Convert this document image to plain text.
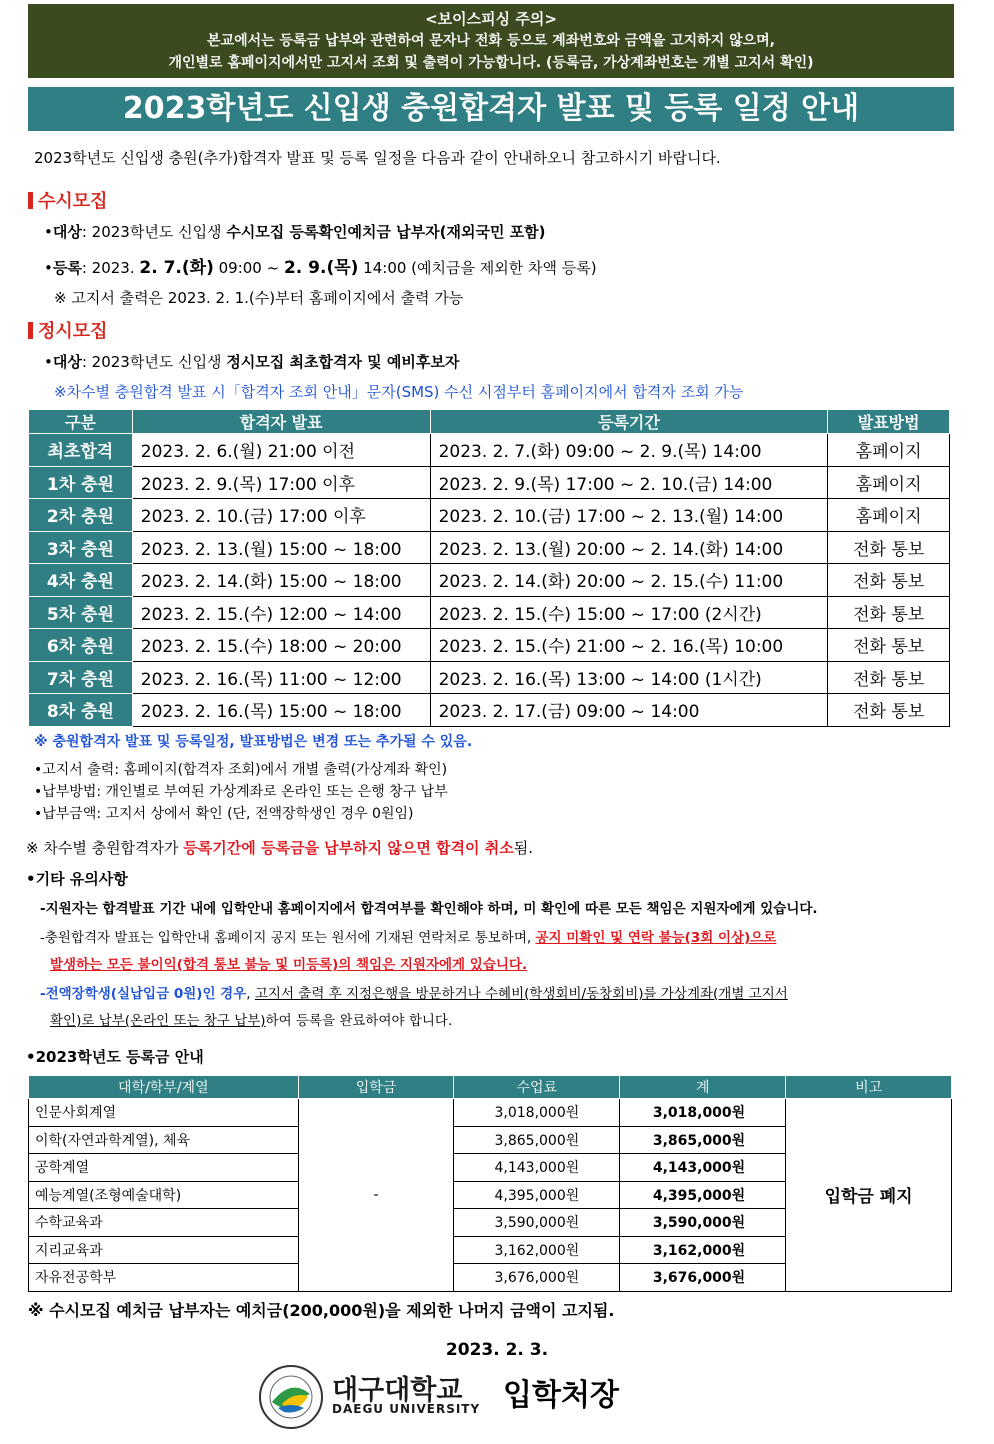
<보이스피싱 주의>
본교에서는 등록금 납부와 관련하여 문자나 전화 등으로 계좌번호와 금액을 고지하지 않으며,
개인별로 홈페이지에서만 고지서 조회 및 출력이 가능합니다. (등록금, 가상계좌번호는 개별 고지서 확인)
2023학년도 신입생 충원합격자 발표 및 등록 일정 안내
2023학년도 신입생 충원(추가)합격자 발표 및 등록 일정을 다음과 같이 안내하오니 참고하시기 바랍니다.
수시모집
•대상: 2023학년도 신입생 수시모집 등록확인예치금 납부자(재외국민 포함)
•등록: 2023. 2. 7.(화) 09:00 ~ 2. 9.(목) 14:00 (예치금을 제외한 차액 등록)
※ 고지서 출력은 2023. 2. 1.(수)부터 홈페이지에서 출력 가능
정시모집
•대상: 2023학년도 신입생 정시모집 최초합격자 및 예비후보자
※차수별 충원합격 발표 시「합격자 조회 안내」문자(SMS) 수신 시점부터 홈페이지에서 합격자 조회 가능
구분	합격자 발표	등록기간	발표방법
최초합격	2023. 2. 6.(월) 21:00 이전	2023. 2. 7.(화) 09:00 ~ 2. 9.(목) 14:00	홈페이지
1차 충원	2023. 2. 9.(목) 17:00 이후	2023. 2. 9.(목) 17:00 ~ 2. 10.(금) 14:00	홈페이지
2차 충원	2023. 2. 10.(금) 17:00 이후	2023. 2. 10.(금) 17:00 ~ 2. 13.(월) 14:00	홈페이지
3차 충원	2023. 2. 13.(월) 15:00 ~ 18:00	2023. 2. 13.(월) 20:00 ~ 2. 14.(화) 14:00	전화 통보
4차 충원	2023. 2. 14.(화) 15:00 ~ 18:00	2023. 2. 14.(화) 20:00 ~ 2. 15.(수) 11:00	전화 통보
5차 충원	2023. 2. 15.(수) 12:00 ~ 14:00	2023. 2. 15.(수) 15:00 ~ 17:00 (2시간)	전화 통보
6차 충원	2023. 2. 15.(수) 18:00 ~ 20:00	2023. 2. 15.(수) 21:00 ~ 2. 16.(목) 10:00	전화 통보
7차 충원	2023. 2. 16.(목) 11:00 ~ 12:00	2023. 2. 16.(목) 13:00 ~ 14:00 (1시간)	전화 통보
8차 충원	2023. 2. 16.(목) 15:00 ~ 18:00	2023. 2. 17.(금) 09:00 ~ 14:00	전화 통보
※ 충원합격자 발표 및 등록일정, 발표방법은 변경 또는 추가될 수 있음.
•고지서 출력: 홈페이지(합격자 조회)에서 개별 출력(가상계좌 확인)
•납부방법: 개인별로 부여된 가상계좌로 온라인 또는 은행 창구 납부
•납부금액: 고지서 상에서 확인 (단, 전액장학생인 경우 0원임)
※ 차수별 충원합격자가 등록기간에 등록금을 납부하지 않으면 합격이 취소됨.
•기타 유의사항
-지원자는 합격발표 기간 내에 입학안내 홈페이지에서 합격여부를 확인해야 하며, 미 확인에 따른 모든 책임은 지원자에게 있습니다.
-충원합격자 발표는 입학안내 홈페이지 공지 또는 원서에 기재된 연락처로 통보하며, 공지 미확인 및 연락 불능(3회 이상)으로
발생하는 모든 불이익(합격 통보 불능 및 미등록)의 책임은 지원자에게 있습니다.
-전액장학생(실납입금 0원)인 경우, 고지서 출력 후 지정은행을 방문하거나 수혜비(학생회비/동창회비)를 가상계좌(개별 고지서
확인)로 납부(온라인 또는 창구 납부)하여 등록을 완료하여야 합니다.
•2023학년도 등록금 안내
대학/학부/계열	입학금	수업료	계	비고
인문사회계열	-	3,018,000원	3,018,000원	입학금 폐지
이학(자연과학계열), 체육		3,865,000원	3,865,000원	
공학계열		4,143,000원	4,143,000원	
예능계열(조형예술대학)		4,395,000원	4,395,000원	
수학교육과		3,590,000원	3,590,000원	
지리교육과		3,162,000원	3,162,000원	
자유전공학부		3,676,000원	3,676,000원	
※ 수시모집 예치금 납부자는 예치금(200,000원)을 제외한 나머지 금액이 고지됨.
2023. 2. 3.
대구대학교
DAEGU UNIVERSITY 입학처장
